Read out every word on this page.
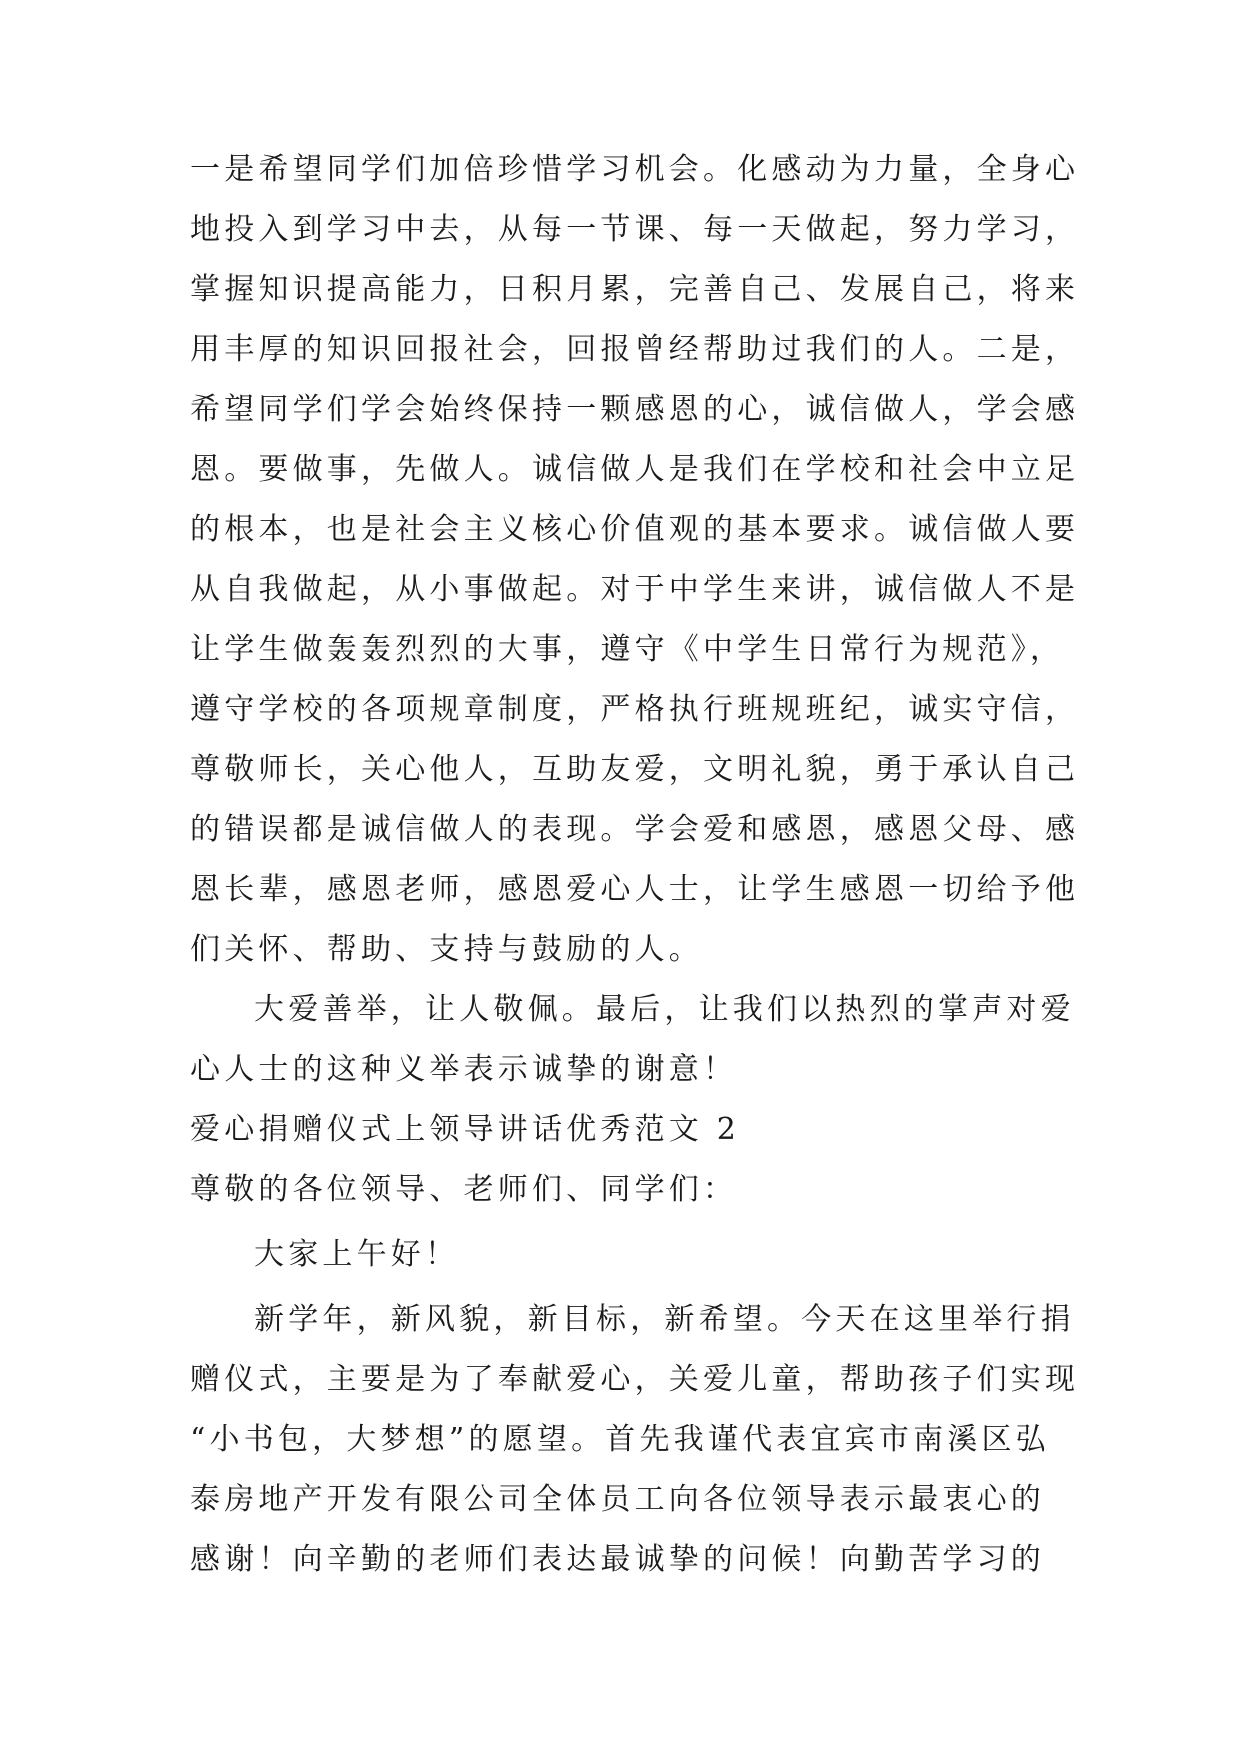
一是希望同学们加倍珍惜学习机会。化感动为力量，全身心
地投入到学习中去，从每一节课、每一天做起，努力学习，
掌握知识提高能力，日积月累，完善自己、发展自己，将来
用丰厚的知识回报社会，回报曾经帮助过我们的人。二是，
希望同学们学会始终保持一颗感恩的心，诚信做人，学会感
恩。要做事，先做人。诚信做人是我们在学校和社会中立足
的根本，也是社会主义核心价值观的基本要求。诚信做人要
从自我做起，从小事做起。对于中学生来讲，诚信做人不是
让学生做轰轰烈烈的大事，遵守《中学生日常行为规范》，
遵守学校的各项规章制度，严格执行班规班纪，诚实守信，
尊敬师长，关心他人，互助友爱，文明礼貌，勇于承认自己
的错误都是诚信做人的表现。学会爱和感恩，感恩父母、感
恩长辈，感恩老师，感恩爱心人士，让学生感恩一切给予他
们关怀、帮助、支持与鼓励的人。
大爱善举，让人敬佩。最后，让我们以热烈的掌声对爱
心人士的这种义举表示诚挚的谢意！
爱心捐赠仪式上领导讲话优秀范文 2
尊敬的各位领导、老师们、同学们：
大家上午好！
新学年，新风貌，新目标，新希望。今天在这里举行捐
赠仪式，主要是为了奉献爱心，关爱儿童，帮助孩子们实现
“小书包，大梦想”的愿望。首先我谨代表宜宾市南溪区弘
泰房地产开发有限公司全体员工向各位领导表示最衷心的
感谢！向辛勤的老师们表达最诚挚的问候！向勤苦学习的
